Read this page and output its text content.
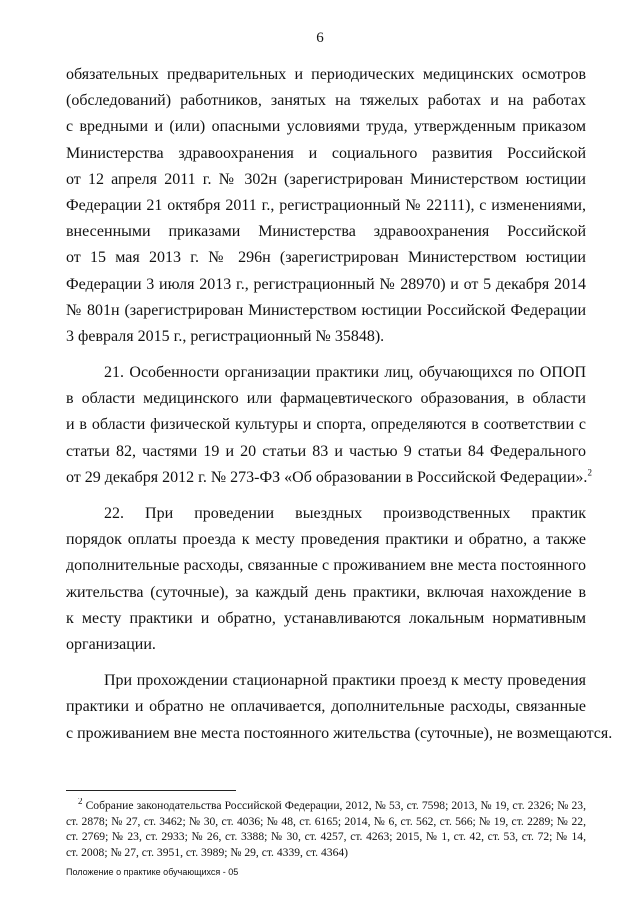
6
обязательных предварительных и периодических медицинских осмотров
(обследований) работников, занятых на тяжелых работах и на работах
с вредными и (или) опасными условиями труда, утвержденным приказом
Министерства здравоохранения и социального развития Российской
от 12 апреля 2011 г. № 302н (зарегистрирован Министерством юстиции
Федерации 21 октября 2011 г., регистрационный № 22111), с изменениями,
внесенными приказами Министерства здравоохранения Российской
от 15 мая 2013 г. № 296н (зарегистрирован Министерством юстиции
Федерации 3 июля 2013 г., регистрационный № 28970) и от 5 декабря 2014
№ 801н (зарегистрирован Министерством юстиции Российской Федерации
3 февраля 2015 г., регистрационный № 35848).
21. Особенности организации практики лиц, обучающихся по ОПОП
в области медицинского или фармацевтического образования, в области
и в области физической культуры и спорта, определяются в соответствии с
статьи 82, частями 19 и 20 статьи 83 и частью 9 статьи 84 Федерального
от 29 декабря 2012 г. № 273-ФЗ «Об образовании в Российской Федерации».$^2$
22. При проведении выездных производственных практик
порядок оплаты проезда к месту проведения практики и обратно, а также
дополнительные расходы, связанные с проживанием вне места постоянного
жительства (суточные), за каждый день практики, включая нахождение в
к месту практики и обратно, устанавливаются локальным нормативным
организации.
При прохождении стационарной практики проезд к месту проведения
практики и обратно не оплачивается, дополнительные расходы, связанные
с проживанием вне места постоянного жительства (суточные), не возмещаются.
$^2$ Собрание законодательства Российской Федерации, 2012, № 53, ст. 7598; 2013, № 19, ст. 2326; № 23,
ст. 2878; № 27, ст. 3462; № 30, ст. 4036; № 48, ст. 6165; 2014, № 6, ст. 562, ст. 566; № 19, ст. 2289; № 22,
ст. 2769; № 23, ст. 2933; № 26, ст. 3388; № 30, ст. 4257, ст. 4263; 2015, № 1, ст. 42, ст. 53, ст. 72; № 14,
ст. 2008; № 27, ст. 3951, ст. 3989; № 29, ст. 4339, ст. 4364)
Положение о практике обучающихся - 05
